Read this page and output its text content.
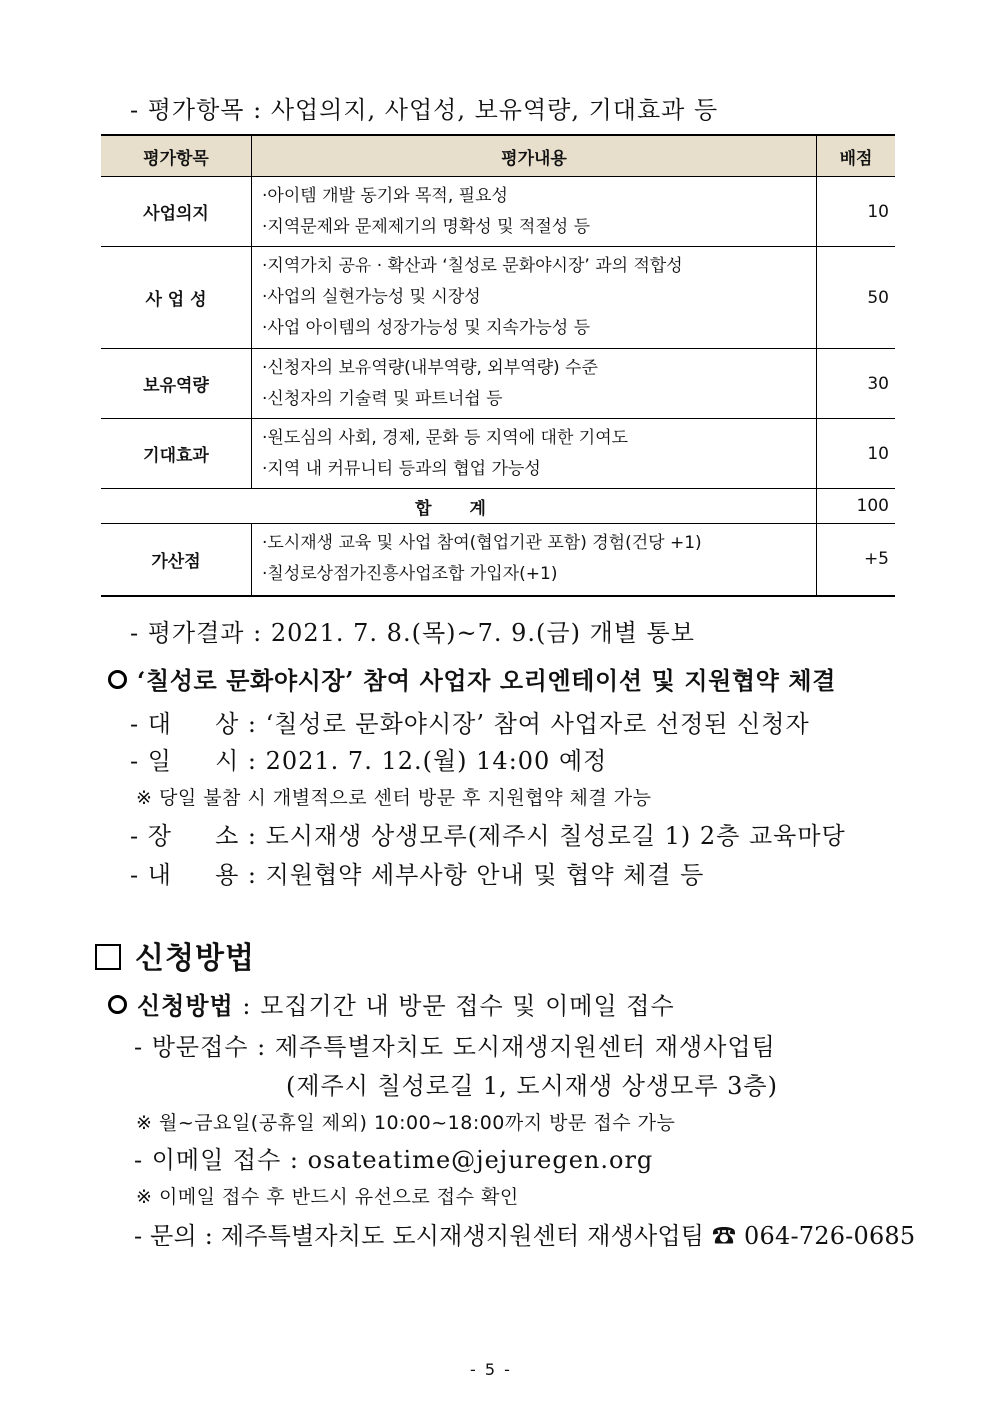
- 평가항목 : 사업의지, 사업성, 보유역량, 기대효과 등
평가항목	평가내용	배점
사업의지	·아이템 개발 동기와 목적, 필요성
·지역문제와 문제제기의 명확성 및 적절성 등	10
사 업 성	·지역가치 공유 · 확산과 ‘칠성로 문화야시장’ 과의 적합성
·사업의 실현가능성 및 시장성
·사업 아이템의 성장가능성 및 지속가능성 등	50
보유역량	·신청자의 보유역량(내부역량, 외부역량) 수준
·신청자의 기술력 및 파트너쉽 등	30
기대효과	·원도심의 사회, 경제, 문화 등 지역에 대한 기여도
·지역 내 커뮤니티 등과의 협업 가능성	10
합 계		100
가산점	·도시재생 교육 및 사업 참여(협업기관 포함) 경험(건당 +1)
·칠성로상점가진흥사업조합 가입자(+1)	+5
- 평가결과 : 2021. 7. 8.(목)~7. 9.(금) 개별 통보
‘칠성로 문화야시장’ 참여 사업자 오리엔테이션 및 지원협약 체결
- 대     상 : ‘칠성로 문화야시장’ 참여 사업자로 선정된 신청자
- 일     시 : 2021. 7. 12.(월) 14:00 예정
※ 당일 불참 시 개별적으로 센터 방문 후 지원협약 체결 가능
- 장     소 : 도시재생 상생모루(제주시 칠성로길 1) 2층 교육마당
- 내     용 : 지원협약 세부사항 안내 및 협약 체결 등
신청방법
신청방법 : 모집기간 내 방문 접수 및 이메일 접수
- 방문접수 : 제주특별자치도 도시재생지원센터 재생사업팀
(제주시 칠성로길 1, 도시재생 상생모루 3층)
※ 월~금요일(공휴일 제외) 10:00~18:00까지 방문 접수 가능
- 이메일 접수 : osateatime@jejuregen.org
※ 이메일 접수 후 반드시 유선으로 접수 확인
- 문의 : 제주특별자치도 도시재생지원센터 재생사업팀 ☎ 064-726-0685
- 5 -
